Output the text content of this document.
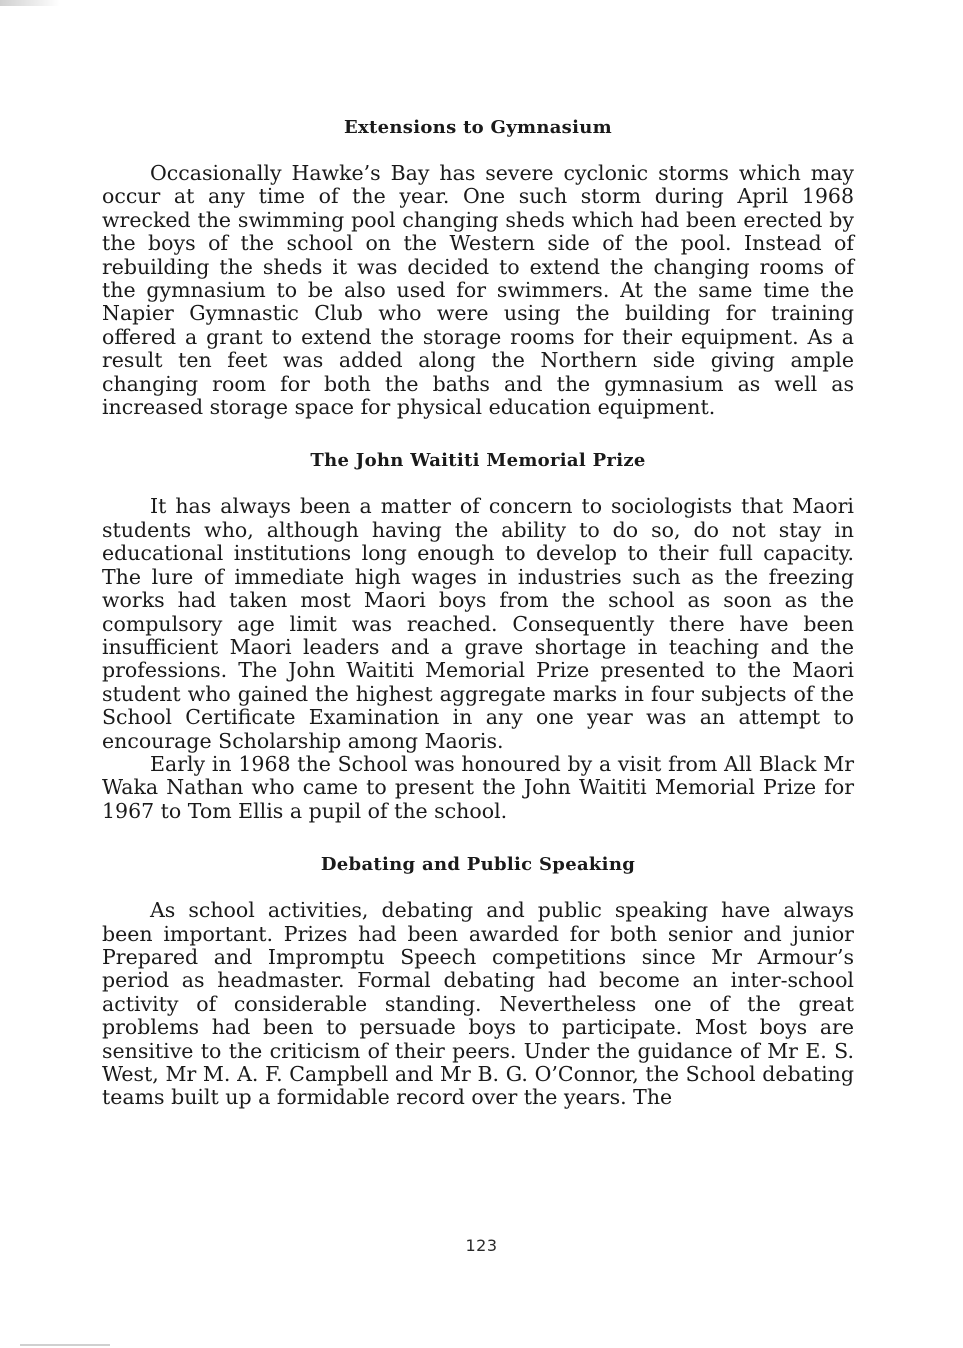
Extensions to Gymnasium

Occasionally Hawke’s Bay has severe cyclonic storms which may occur at any time of the year. One such storm during April 1968 wrecked the swimming pool changing sheds which had been erected by the boys of the school on the Western side of the pool. Instead of rebuilding the sheds it was decided to extend the changing rooms of the gymnasium to be also used for swimmers. At the same time the Napier Gymnastic Club who were using the building for training offered a grant to extend the storage rooms for their equipment. As a result ten feet was added along the Northern side giving ample changing room for both the baths and the gymnasium as well as increased storage space for physical education equipment.

The John Waititi Memorial Prize

It has always been a matter of concern to sociologists that Maori students who, although having the ability to do so, do not stay in educational institutions long enough to develop to their full capacity. The lure of immediate high wages in industries such as the freezing works had taken most Maori boys from the school as soon as the compulsory age limit was reached. Consequently there have been insufficient Maori leaders and a grave shortage in teaching and the professions. The John Waititi Memorial Prize presented to the Maori student who gained the highest aggregate marks in four subjects of the School Certificate Examination in any one year was an attempt to encourage Scholarship among Maoris.

Early in 1968 the School was honoured by a visit from All Black Mr Waka Nathan who came to present the John Waititi Memorial Prize for 1967 to Tom Ellis a pupil of the school.

Debating and Public Speaking

As school activities, debating and public speaking have always been important. Prizes had been awarded for both senior and junior Prepared and Impromptu Speech competitions since Mr Armour’s period as headmaster. Formal debating had become an inter-school activity of considerable standing. Nevertheless one of the great problems had been to persuade boys to participate. Most boys are sensitive to the criticism of their peers. Under the guidance of Mr E. S. West, Mr M. A. F. Campbell and Mr B. G. O’Connor, the School debating teams built up a formidable record over the years. The

123
